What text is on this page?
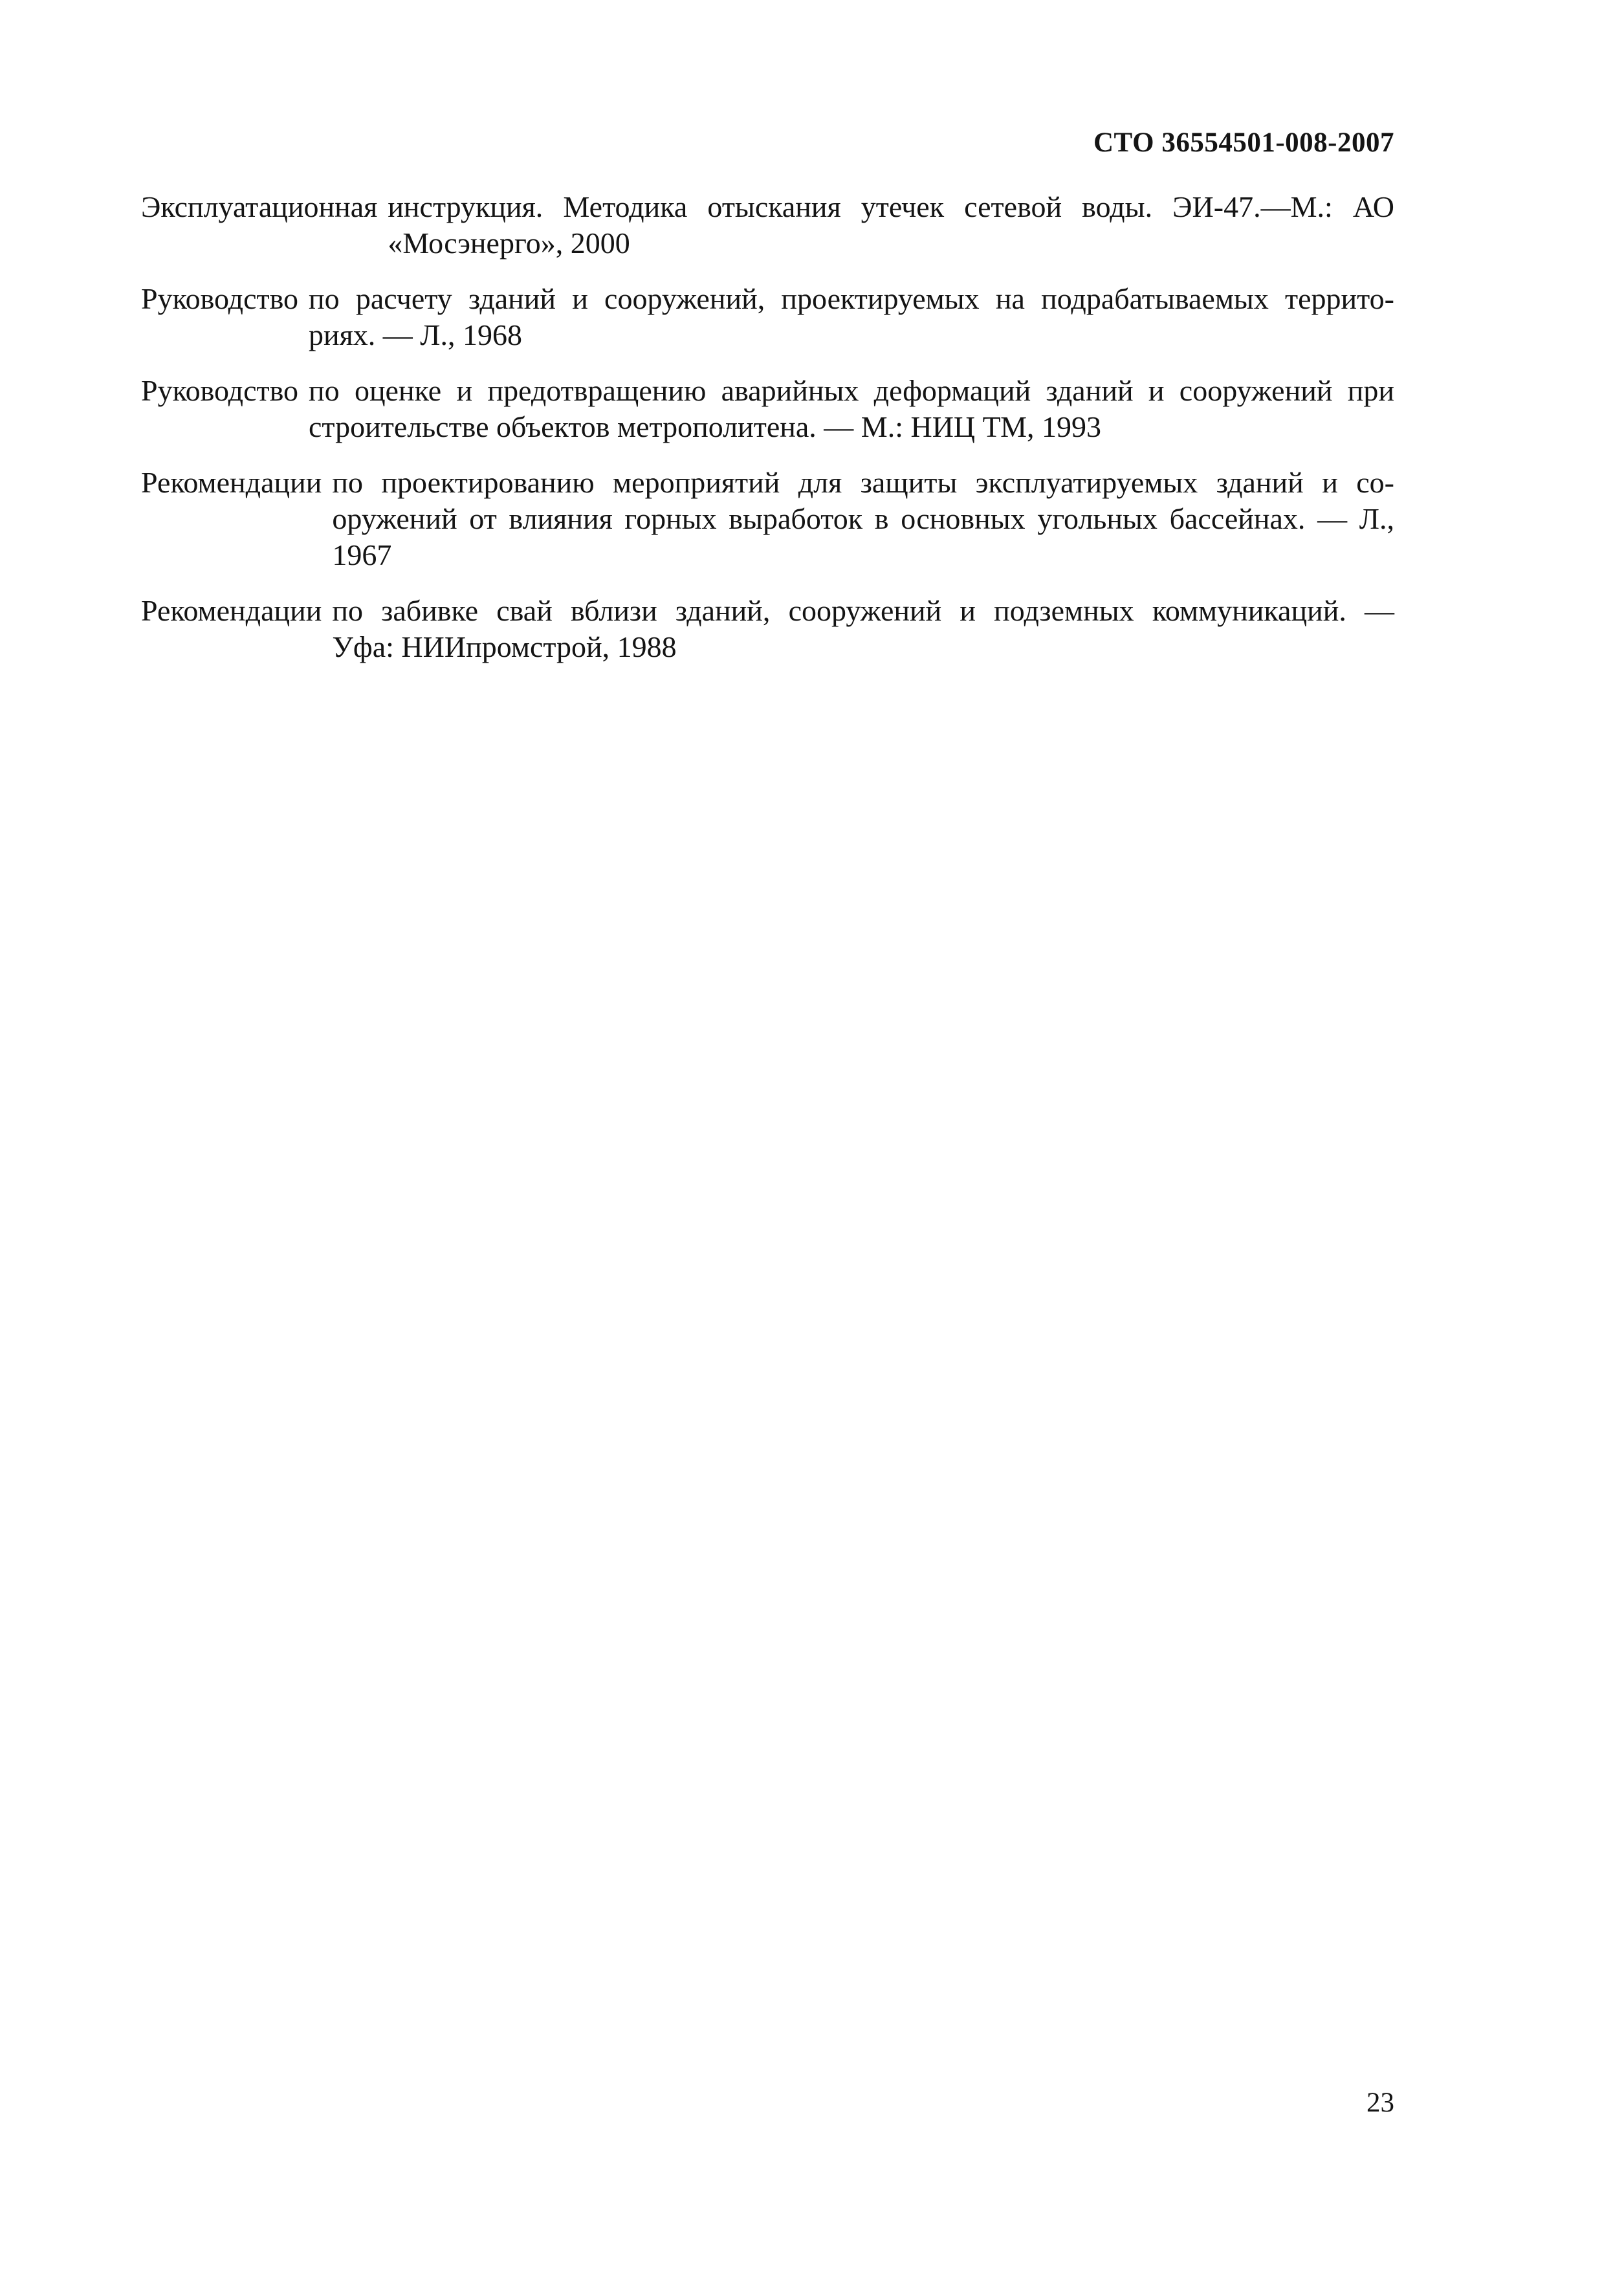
СТО 36554501-008-2007
Эксплуатационная инструкция. Методика отыскания утечек сетевой воды. ЭИ-47.—М.: АО
«Мосэнерго», 2000
Руководство по расчету зданий и сооружений, проектируемых на подрабатываемых террито-
риях. — Л., 1968
Руководство по оценке и предотвращению аварийных деформаций зданий и сооружений при
строительстве объектов метрополитена. — М.: НИЦ ТМ, 1993
Рекомендации по проектированию мероприятий для защиты эксплуатируемых зданий и со-
оружений от влияния горных выработок в основных угольных бассейнах. — Л.,
1967
Рекомендации по забивке свай вблизи зданий, сооружений и подземных коммуникаций. —
Уфа: НИИпромстрой, 1988
23
